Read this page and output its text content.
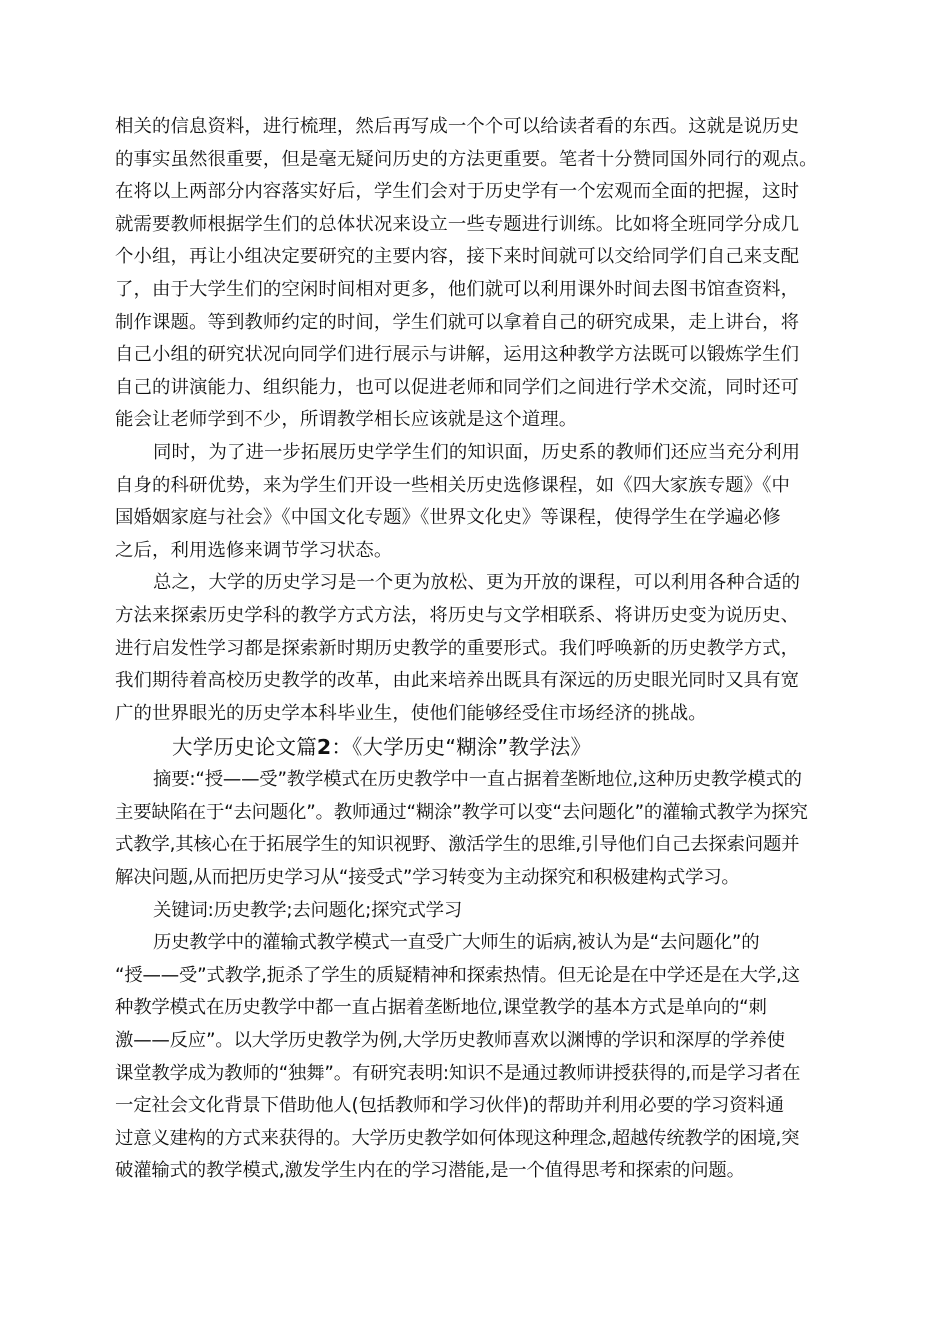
相关的信息资料，进行梳理，然后再写成一个个可以给读者看的东西。这就是说历史
的事实虽然很重要，但是毫无疑问历史的方法更重要。笔者十分赞同国外同行的观点。
在将以上两部分内容落实好后，学生们会对于历史学有一个宏观而全面的把握，这时
就需要教师根据学生们的总体状况来设立一些专题进行训练。比如将全班同学分成几
个小组，再让小组决定要研究的主要内容，接下来时间就可以交给同学们自己来支配
了，由于大学生们的空闲时间相对更多，他们就可以利用课外时间去图书馆查资料，
制作课题。等到教师约定的时间，学生们就可以拿着自己的研究成果，走上讲台，将
自己小组的研究状况向同学们进行展示与讲解，运用这种教学方法既可以锻炼学生们
自己的讲演能力、组织能力，也可以促进老师和同学们之间进行学术交流，同时还可
能会让老师学到不少，所谓教学相长应该就是这个道理。
同时，为了进一步拓展历史学学生们的知识面，历史系的教师们还应当充分利用
自身的科研优势，来为学生们开设一些相关历史选修课程，如《四大家族专题》《中
国婚姻家庭与社会》《中国文化专题》《世界文化史》等课程，使得学生在学遍必修
之后，利用选修来调节学习状态。
总之，大学的历史学习是一个更为放松、更为开放的课程，可以利用各种合适的
方法来探索历史学科的教学方式方法，将历史与文学相联系、将讲历史变为说历史、
进行启发性学习都是探索新时期历史教学的重要形式。我们呼唤新的历史教学方式，
我们期待着高校历史教学的改革，由此来培养出既具有深远的历史眼光同时又具有宽
广的世界眼光的历史学本科毕业生，使他们能够经受住市场经济的挑战。
大学历史论文篇2：《大学历史“糊涂”教学法》
摘要:“授——受”教学模式在历史教学中一直占据着垄断地位,这种历史教学模式的
主要缺陷在于“去问题化”。教师通过“糊涂”教学可以变“去问题化”的灌输式教学为探究
式教学,其核心在于拓展学生的知识视野、激活学生的思维,引导他们自己去探索问题并
解决问题,从而把历史学习从“接受式”学习转变为主动探究和积极建构式学习。
关键词:历史教学;去问题化;探究式学习
历史教学中的灌输式教学模式一直受广大师生的诟病,被认为是“去问题化”的
“授——受”式教学,扼杀了学生的质疑精神和探索热情。但无论是在中学还是在大学,这
种教学模式在历史教学中都一直占据着垄断地位,课堂教学的基本方式是单向的“刺
激——反应”。以大学历史教学为例,大学历史教师喜欢以渊博的学识和深厚的学养使
课堂教学成为教师的“独舞”。有研究表明:知识不是通过教师讲授获得的,而是学习者在
一定社会文化背景下借助他人(包括教师和学习伙伴)的帮助并利用必要的学习资料通
过意义建构的方式来获得的。大学历史教学如何体现这种理念,超越传统教学的困境,突
破灌输式的教学模式,激发学生内在的学习潜能,是一个值得思考和探索的问题。
